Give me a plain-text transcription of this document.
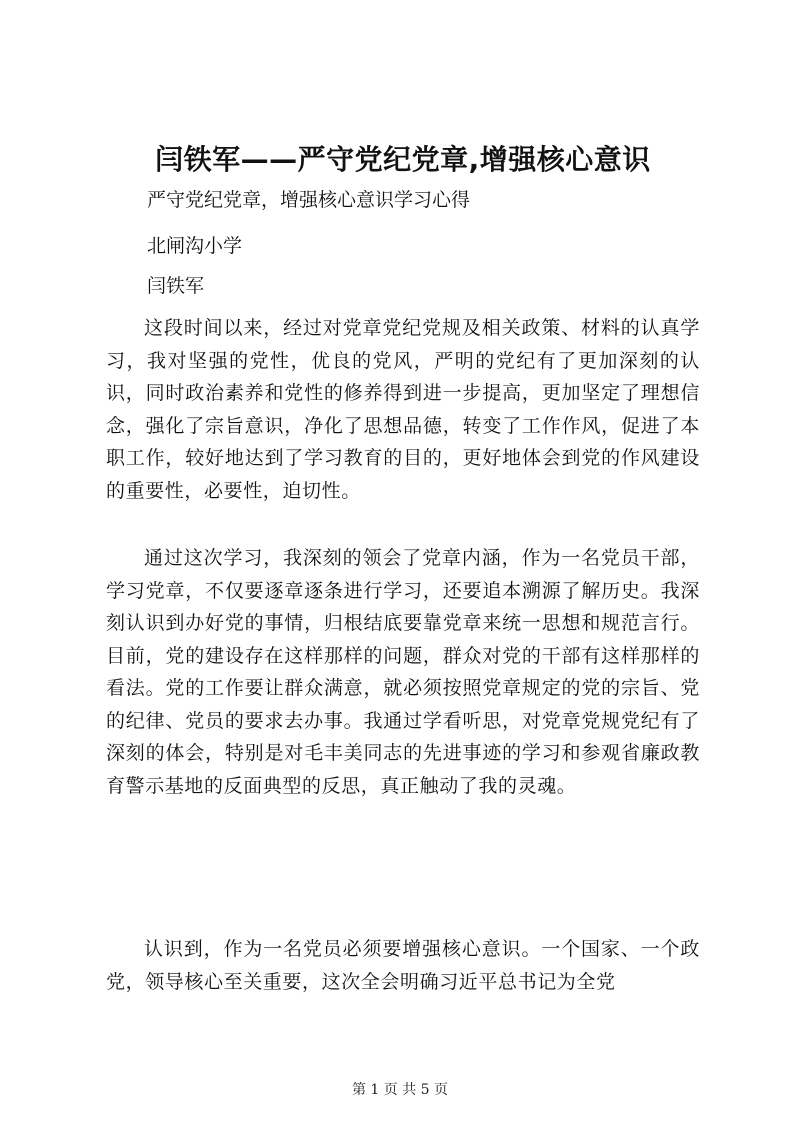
闫铁军——严守党纪党章,增强核心意识
严守党纪党章，增强核心意识学习心得
北闸沟小学
闫铁军

这段时间以来，经过对党章党纪党规及相关政策、材料的认真学习，我对坚强的党性，优良的党风，严明的党纪有了更加深刻的认识，同时政治素养和党性的修养得到进一步提高，更加坚定了理想信念，强化了宗旨意识，净化了思想品德，转变了工作作风，促进了本职工作，较好地达到了学习教育的目的，更好地体会到党的作风建设的重要性，必要性，迫切性。

通过这次学习，我深刻的领会了党章内涵，作为一名党员干部，学习党章，不仅要逐章逐条进行学习，还要追本溯源了解历史。我深刻认识到办好党的事情，归根结底要靠党章来统一思想和规范言行。目前，党的建设存在这样那样的问题，群众对党的干部有这样那样的看法。党的工作要让群众满意，就必须按照党章规定的党的宗旨、党的纪律、党员的要求去办事。我通过学看听思，对党章党规党纪有了深刻的体会，特别是对毛丰美同志的先进事迹的学习和参观省廉政教育警示基地的反面典型的反思，真正触动了我的灵魂。

认识到，作为一名党员必须要增强核心意识。一个国家、一个政党，领导核心至关重要，这次全会明确习近平总书记为全党

第 1 页 共 5 页
